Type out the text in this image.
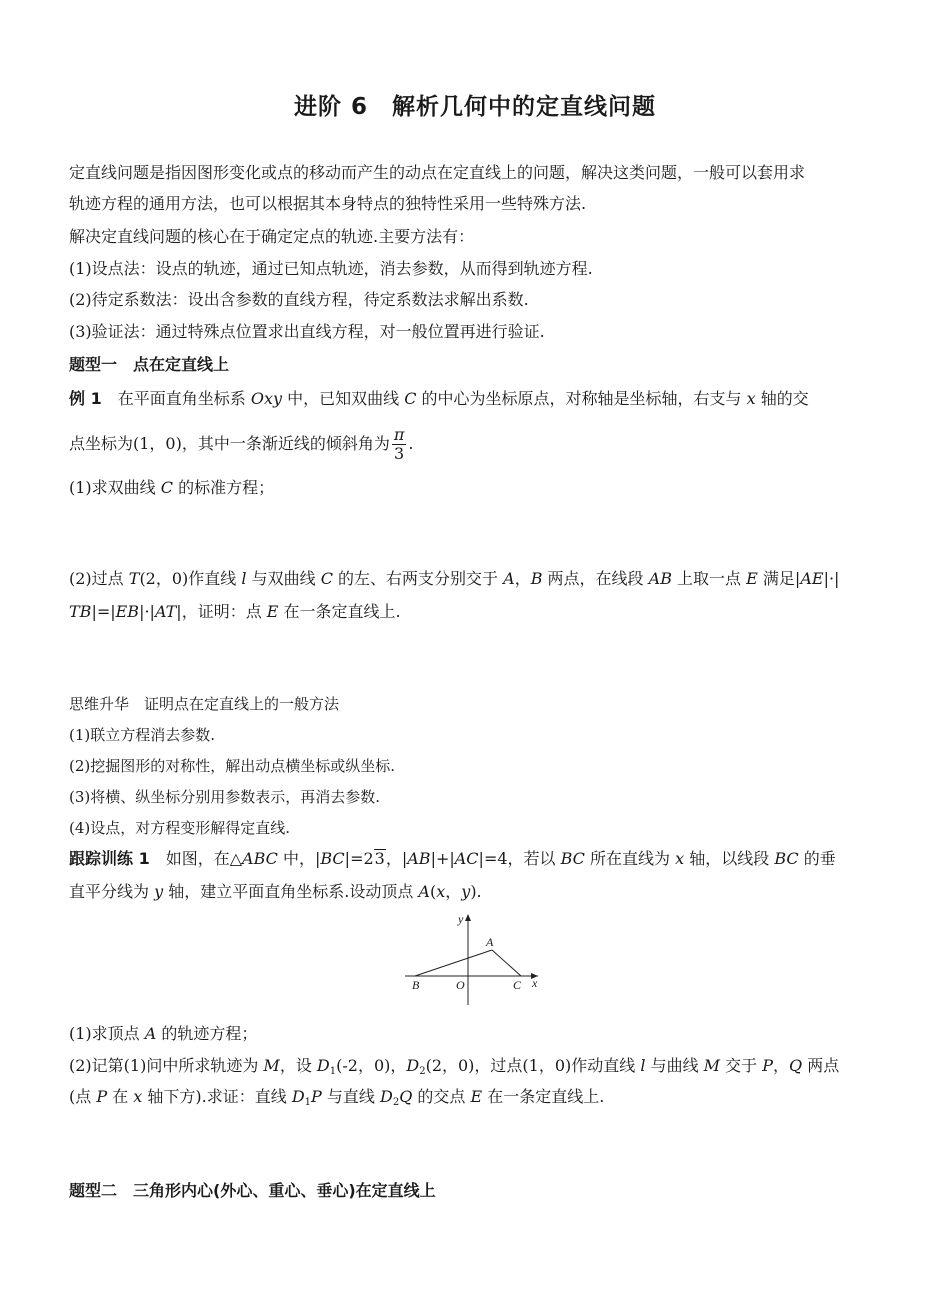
进阶 6　解析几何中的定直线问题
定直线问题是指因图形变化或点的移动而产生的动点在定直线上的问题，解决这类问题，一般可以套用求
轨迹方程的通用方法，也可以根据其本身特点的独特性采用一些特殊方法.
解决定直线问题的核心在于确定定点的轨迹.主要方法有：
(1)设点法：设点的轨迹，通过已知点轨迹，消去参数，从而得到轨迹方程.
(2)待定系数法：设出含参数的直线方程，待定系数法求解出系数.
(3)验证法：通过特殊点位置求出直线方程，对一般位置再进行验证.
题型一　点在定直线上
例 1　 在平面直角坐标系 Oxy 中，已知双曲线 C 的中心为坐标原点，对称轴是坐标轴，右支与 x 轴的交
点坐标为(1，0)，其中一条渐近线的倾斜角为 $\frac{\pi}{3}$ .
(1)求双曲线 C 的标准方程；
(2)过点 T(2，0)作直线 l 与双曲线 C 的左、右两支分别交于 A，B 两点，在线段 AB 上取一点 E 满足|AE|·|
TB|=|EB|·|AT|，证明：点 E 在一条定直线上.
思维升华　证明点在定直线上的一般方法
(1)联立方程消去参数.
(2)挖掘图形的对称性，解出动点横坐标或纵坐标.
(3)将横、纵坐标分别用参数表示，再消去参数.
(4)设点，对方程变形解得定直线.
跟踪训练 1　如图，在△ABC 中，|BC|=23，|AB|+|AC|=4，若以 BC 所在直线为 x 轴，以线段 BC 的垂
直平分线为 y 轴，建立平面直角坐标系.设动顶点 A(x，y).
y
A
B	O	C x
(1)求顶点 A 的轨迹方程；
(2)记第(1)问中所求轨迹为 M，设 $D_1(-2$，0)，$D_2(2$，0)，过点(1，0)作动直线 l 与曲线 M 交于 P，Q 两点
(点 P 在 x 轴下方).求证：直线 $D_1P$ 与直线 $D_2Q$ 的交点 E 在一条定直线上.
题型二　三角形内心(外心、重心、垂心)在定直线上
